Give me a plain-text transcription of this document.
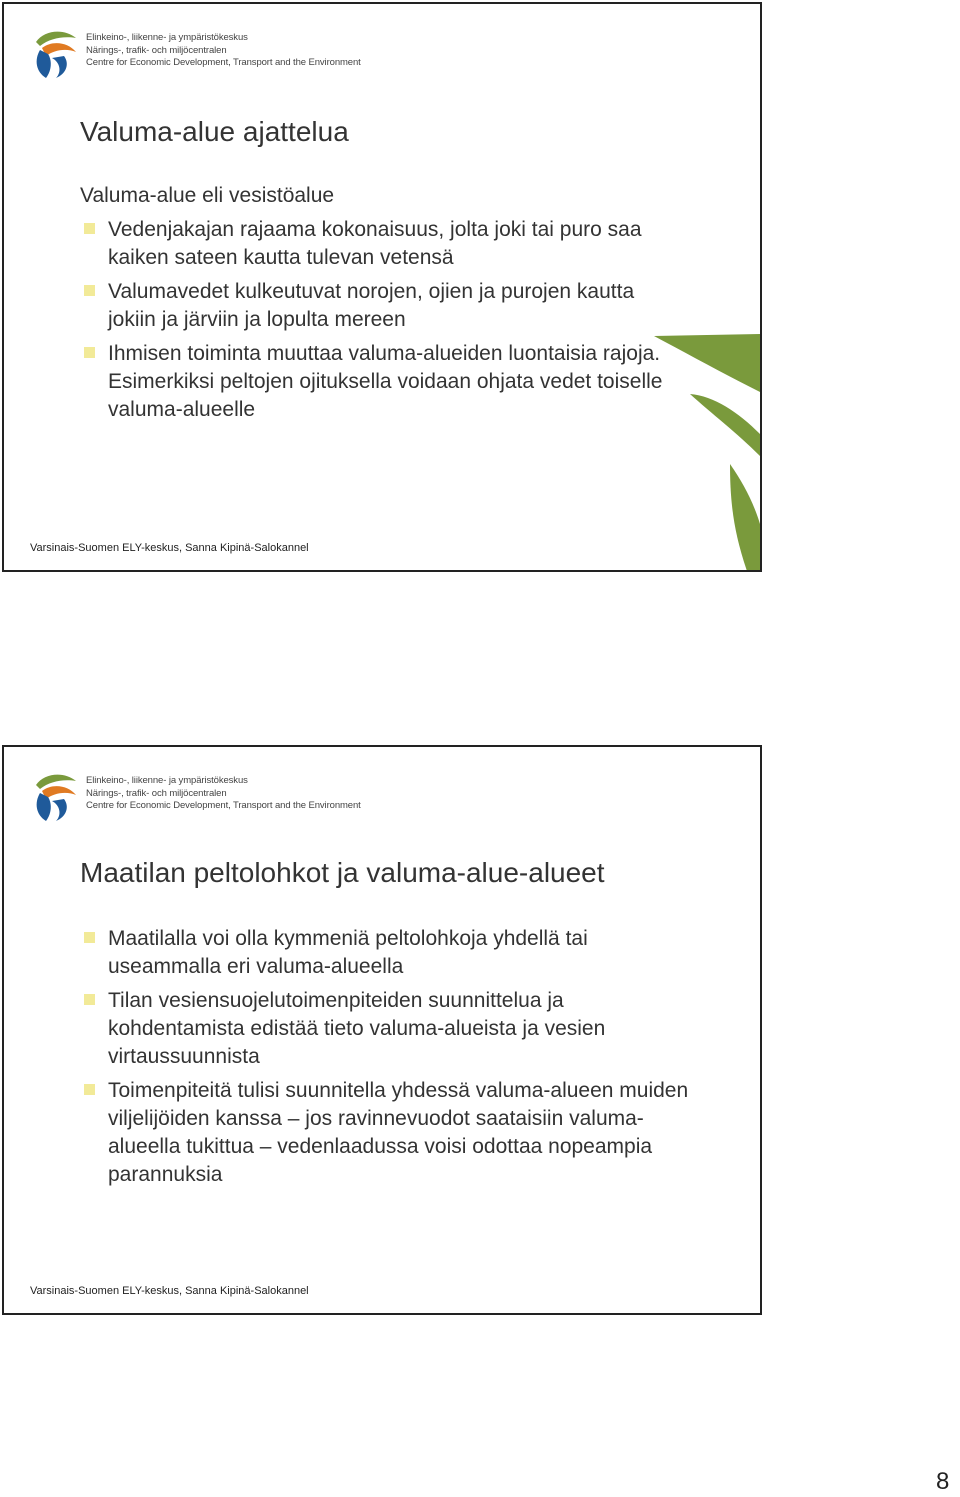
Elinkeino-, liikenne- ja ympäristökeskus
Närings-, trafik- och miljöcentralen
Centre for Economic Development, Transport and the Environment
Valuma-alue ajattelua
Valuma-alue eli vesistöalue
Vedenjakajan rajaama kokonaisuus, jolta joki tai puro saa kaiken sateen kautta tulevan vetensä
Valumavedet kulkeutuvat norojen, ojien ja purojen kautta jokiin ja järviin ja lopulta mereen
Ihmisen toiminta muuttaa valuma-alueiden luontaisia rajoja. Esimerkiksi peltojen ojituksella voidaan ohjata vedet toiselle valuma-alueelle
Varsinais-Suomen ELY-keskus, Sanna Kipinä-Salokannel
Elinkeino-, liikenne- ja ympäristökeskus
Närings-, trafik- och miljöcentralen
Centre for Economic Development, Transport and the Environment
Maatilan peltolohkot ja valuma-alue-alueet
Maatilalla voi olla kymmeniä peltolohkoja yhdellä tai useammalla eri valuma-alueella
Tilan vesiensuojelutoimenpiteiden suunnittelua ja kohdentamista edistää tieto valuma-alueista ja vesien virtaussuunnista
Toimenpiteitä tulisi suunnitella yhdessä valuma-alueen muiden viljelijöiden kanssa – jos ravinnevuodot saataisiin valuma-alueella tukittua – vedenlaadussa voisi odottaa nopeampia parannuksia
Varsinais-Suomen ELY-keskus, Sanna Kipinä-Salokannel
8
